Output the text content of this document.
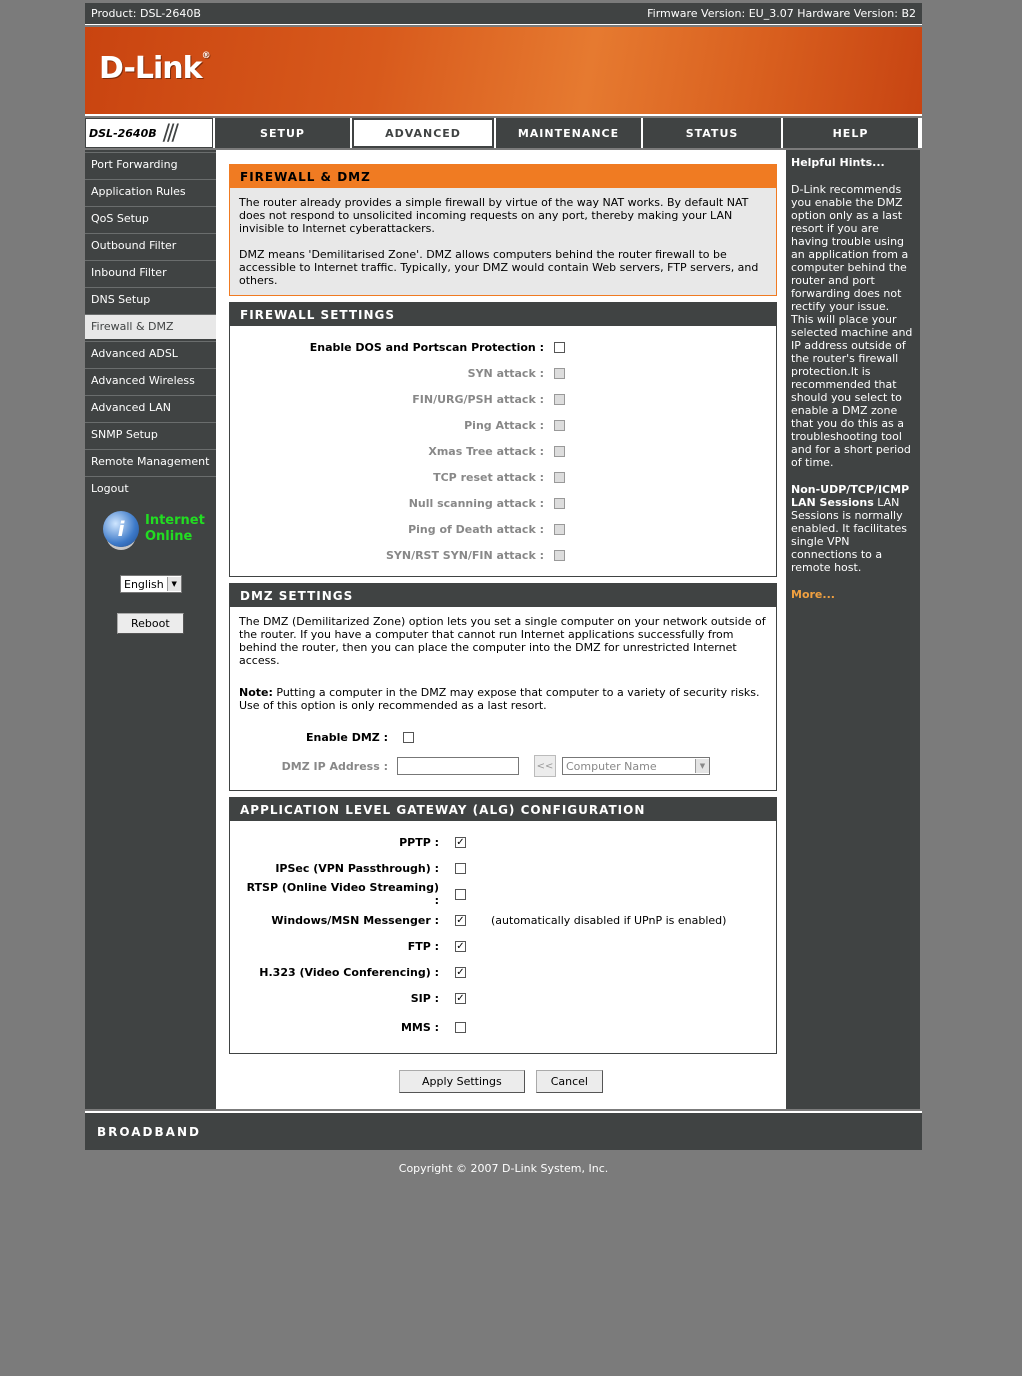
Product: DSL-2640B	Firmware Version: EU_3.07 Hardware Version: B2
D-Link®
DSL-2640B ///	SETUP	ADVANCED	MAINTENANCE	STATUS	HELP
Port Forwarding
Application Rules
QoS Setup
Outbound Filter
Inbound Filter
DNS Setup
Firewall & DMZ
Advanced ADSL
Advanced Wireless
Advanced LAN
SNMP Setup
Remote Management
Logout
i	Internet
Online
English	▼
Reboot
FIREWALL & DMZ
The router already provides a simple firewall by virtue of the way NAT works. By default NAT does not respond to unsolicited incoming requests on any port, thereby making your LAN invisible to Internet cyberattackers.
DMZ means 'Demilitarised Zone'. DMZ allows computers behind the router firewall to be accessible to Internet traffic. Typically, your DMZ would contain Web servers, FTP servers, and others.
FIREWALL SETTINGS
Enable DOS and Portscan Protection :
SYN attack :
FIN/URG/PSH attack :
Ping Attack :
Xmas Tree attack :
TCP reset attack :
Null scanning attack :
Ping of Death attack :
SYN/RST SYN/FIN attack :
DMZ SETTINGS
The DMZ (Demilitarized Zone) option lets you set a single computer on your network outside of the router. If you have a computer that cannot run Internet applications successfully from behind the router, then you can place the computer into the DMZ for unrestricted Internet access.
Note: Putting a computer in the DMZ may expose that computer to a variety of security risks. Use of this option is only recommended as a last resort.
Enable DMZ :
DMZ IP Address :	<< Computer Name	▼
APPLICATION LEVEL GATEWAY (ALG) CONFIGURATION
PPTP : ✓
IPSec (VPN Passthrough) :
RTSP (Online Video Streaming) :
Windows/MSN Messenger : ✓ (automatically disabled if UPnP is enabled)
FTP : ✓
H.323 (Video Conferencing) : ✓
SIP : ✓
MMS :
Apply Settings	Cancel
Helpful Hints...

D-Link recommends you enable the DMZ option only as a last resort if you are having trouble using an application from a computer behind the router and port forwarding does not rectify your issue. This will place your selected machine and IP address outside of the router's firewall protection.It is recommended that should you select to enable a DMZ zone that you do this as a troubleshooting tool and for a short period of time.

Non-UDP/TCP/ICMP LAN Sessions LAN Sessions is normally enabled. It facilitates single VPN connections to a remote host.

More...
BROADBAND
Copyright © 2007 D-Link System, Inc.
